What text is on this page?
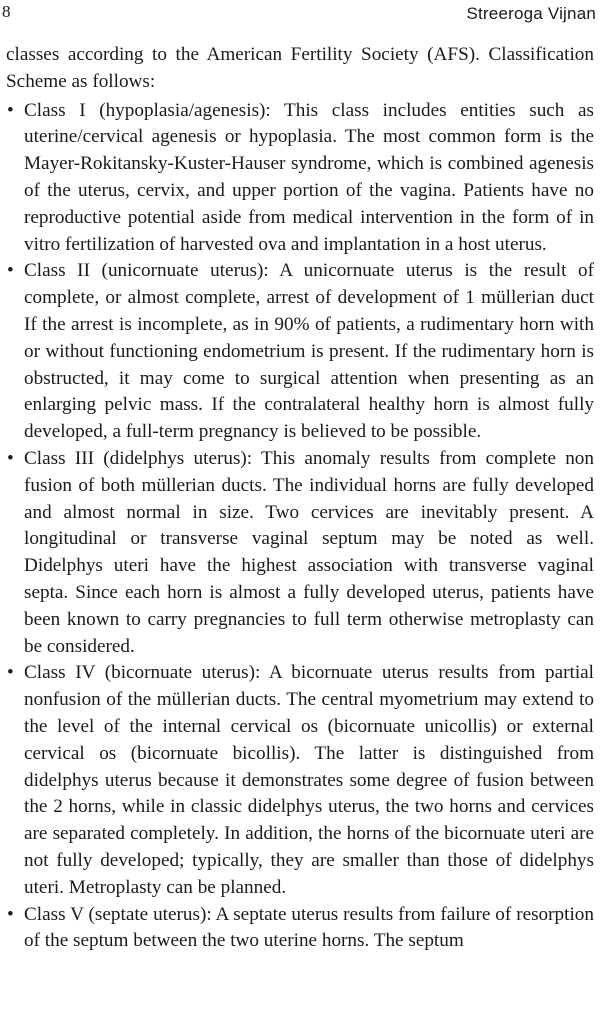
8	Streeroga Vijnan

classes according to the American Fertility Society (AFS). Classification Scheme as follows:

• Class I (hypoplasia/agenesis): This class includes entities such as uterine/cervical agenesis or hypoplasia. The most common form is the Mayer-Rokitansky-Kuster-Hauser syndrome, which is combined agenesis of the uterus, cervix, and upper portion of the vagina. Patients have no reproductive potential aside from medical intervention in the form of in vitro fertilization of harvested ova and implantation in a host uterus.
• Class II (unicornuate uterus): A unicornuate uterus is the result of complete, or almost complete, arrest of development of 1 müllerian duct If the arrest is incomplete, as in 90% of patients, a rudimentary horn with or without functioning endometrium is present. If the rudimentary horn is obstructed, it may come to surgical attention when presenting as an enlarging pelvic mass. If the contralateral healthy horn is almost fully developed, a full-term pregnancy is believed to be possible.
• Class III (didelphys uterus): This anomaly results from complete non fusion of both müllerian ducts. The individual horns are fully developed and almost normal in size. Two cervices are inevitably present. A longitudinal or transverse vaginal septum may be noted as well. Didelphys uteri have the highest association with transverse vaginal septa. Since each horn is almost a fully developed uterus, patients have been known to carry pregnancies to full term otherwise metroplasty can be considered.
• Class IV (bicornuate uterus): A bicornuate uterus results from partial nonfusion of the müllerian ducts. The central myometrium may extend to the level of the internal cervical os (bicornuate unicollis) or external cervical os (bicornuate bicollis). The latter is distinguished from didelphys uterus because it demonstrates some degree of fusion between the 2 horns, while in classic didelphys uterus, the two horns and cervices are separated completely. In addition, the horns of the bicornuate uteri are not fully developed; typically, they are smaller than those of didelphys uteri. Metroplasty can be planned.
• Class V (septate uterus): A septate uterus results from failure of resorption of the septum between the two uterine horns. The septum
